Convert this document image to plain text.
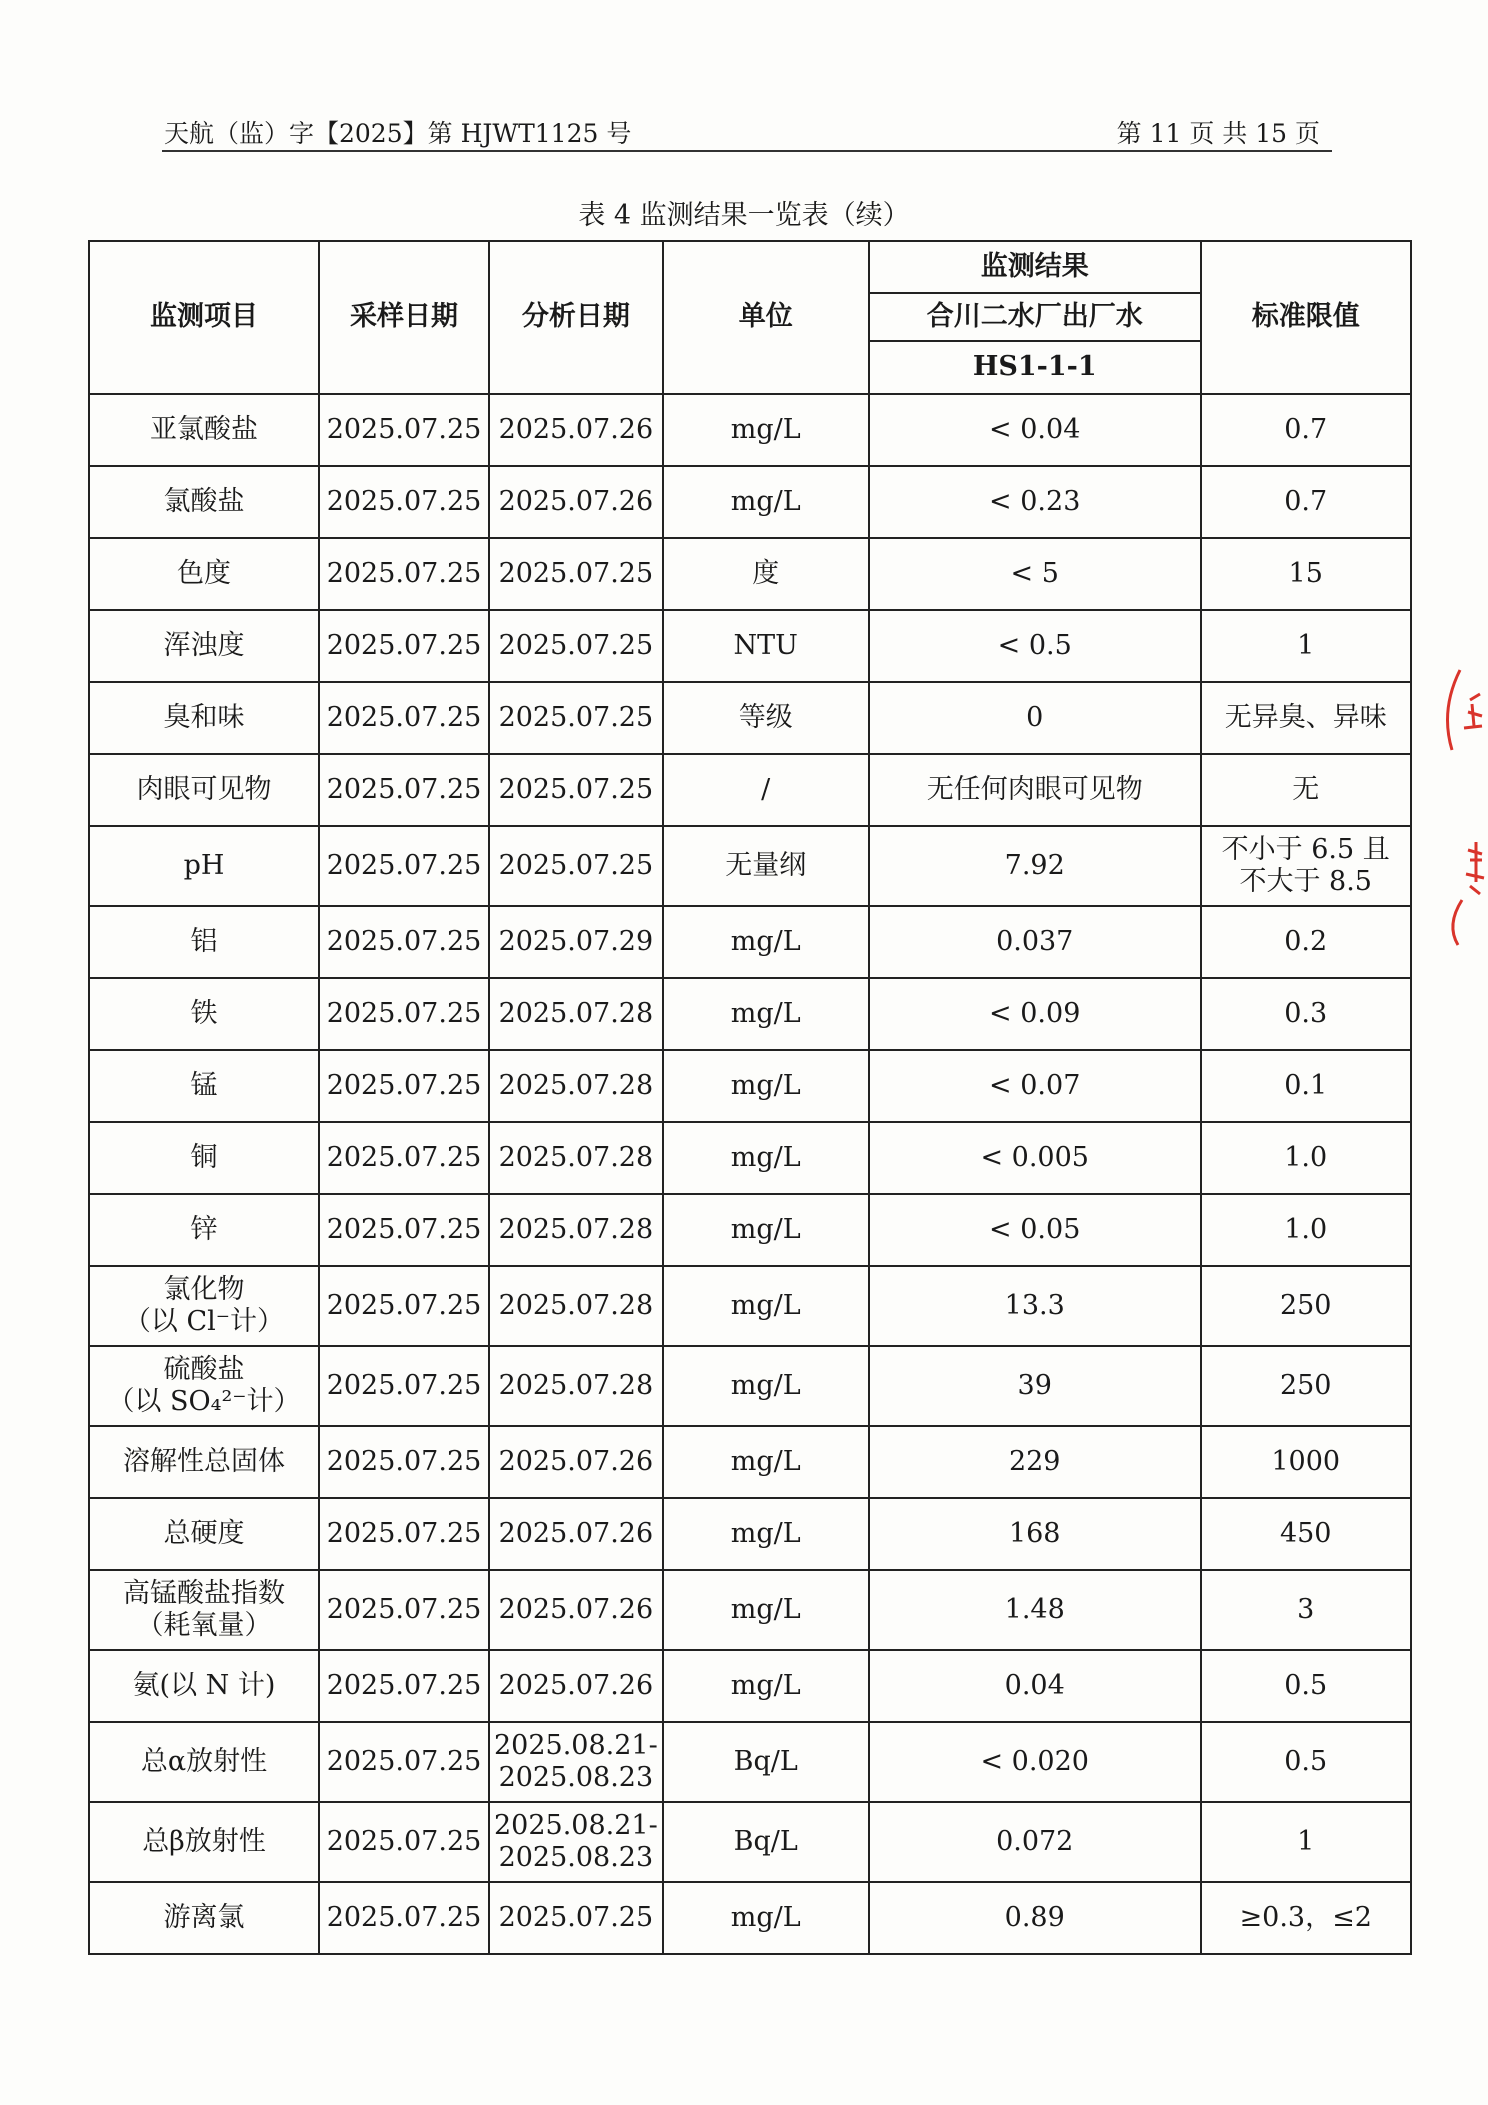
天航（监）字【2025】第 HJWT1125 号	第 11 页 共 15 页
表 4 监测结果一览表（续）
监测项目	采样日期	分析日期	单位	监测结果	标准限值
				合川二水厂出厂水	
				HS1-1-1	

亚氯酸盐	2025.07.25	2025.07.26	mg/L	< 0.04	0.7

氯酸盐	2025.07.25	2025.07.26	mg/L	< 0.23	0.7

色度	2025.07.25	2025.07.25	度	< 5	15

浑浊度	2025.07.25	2025.07.25	NTU	< 0.5	1

臭和味	2025.07.25	2025.07.25	等级	0	无异臭、异味

肉眼可见物	2025.07.25	2025.07.25	/	无任何肉眼可见物	无

pH	2025.07.25	2025.07.25	无量纲	7.92	不小于 6.5 且
不大于 8.5

铝	2025.07.25	2025.07.29	mg/L	0.037	0.2

铁	2025.07.25	2025.07.28	mg/L	< 0.09	0.3

锰	2025.07.25	2025.07.28	mg/L	< 0.07	0.1

铜	2025.07.25	2025.07.28	mg/L	< 0.005	1.0

锌	2025.07.25	2025.07.28	mg/L	< 0.05	1.0

氯化物
（以 Cl⁻计）	2025.07.25	2025.07.28	mg/L	13.3	250

硫酸盐
（以 SO₄²⁻计）	2025.07.25	2025.07.28	mg/L	39	250

溶解性总固体	2025.07.25	2025.07.26	mg/L	229	1000

总硬度	2025.07.25	2025.07.26	mg/L	168	450

高锰酸盐指数
（耗氧量）	2025.07.25	2025.07.26	mg/L	1.48	3

氨(以 N 计)	2025.07.25	2025.07.26	mg/L	0.04	0.5

总α放射性	2025.07.25	2025.08.21-
2025.08.23	Bq/L	< 0.020	0.5

总β放射性	2025.07.25	2025.08.21-
2025.08.23	Bq/L	0.072	1

游离氯	2025.07.25	2025.07.25	mg/L	0.89	≥0.3，≤2
